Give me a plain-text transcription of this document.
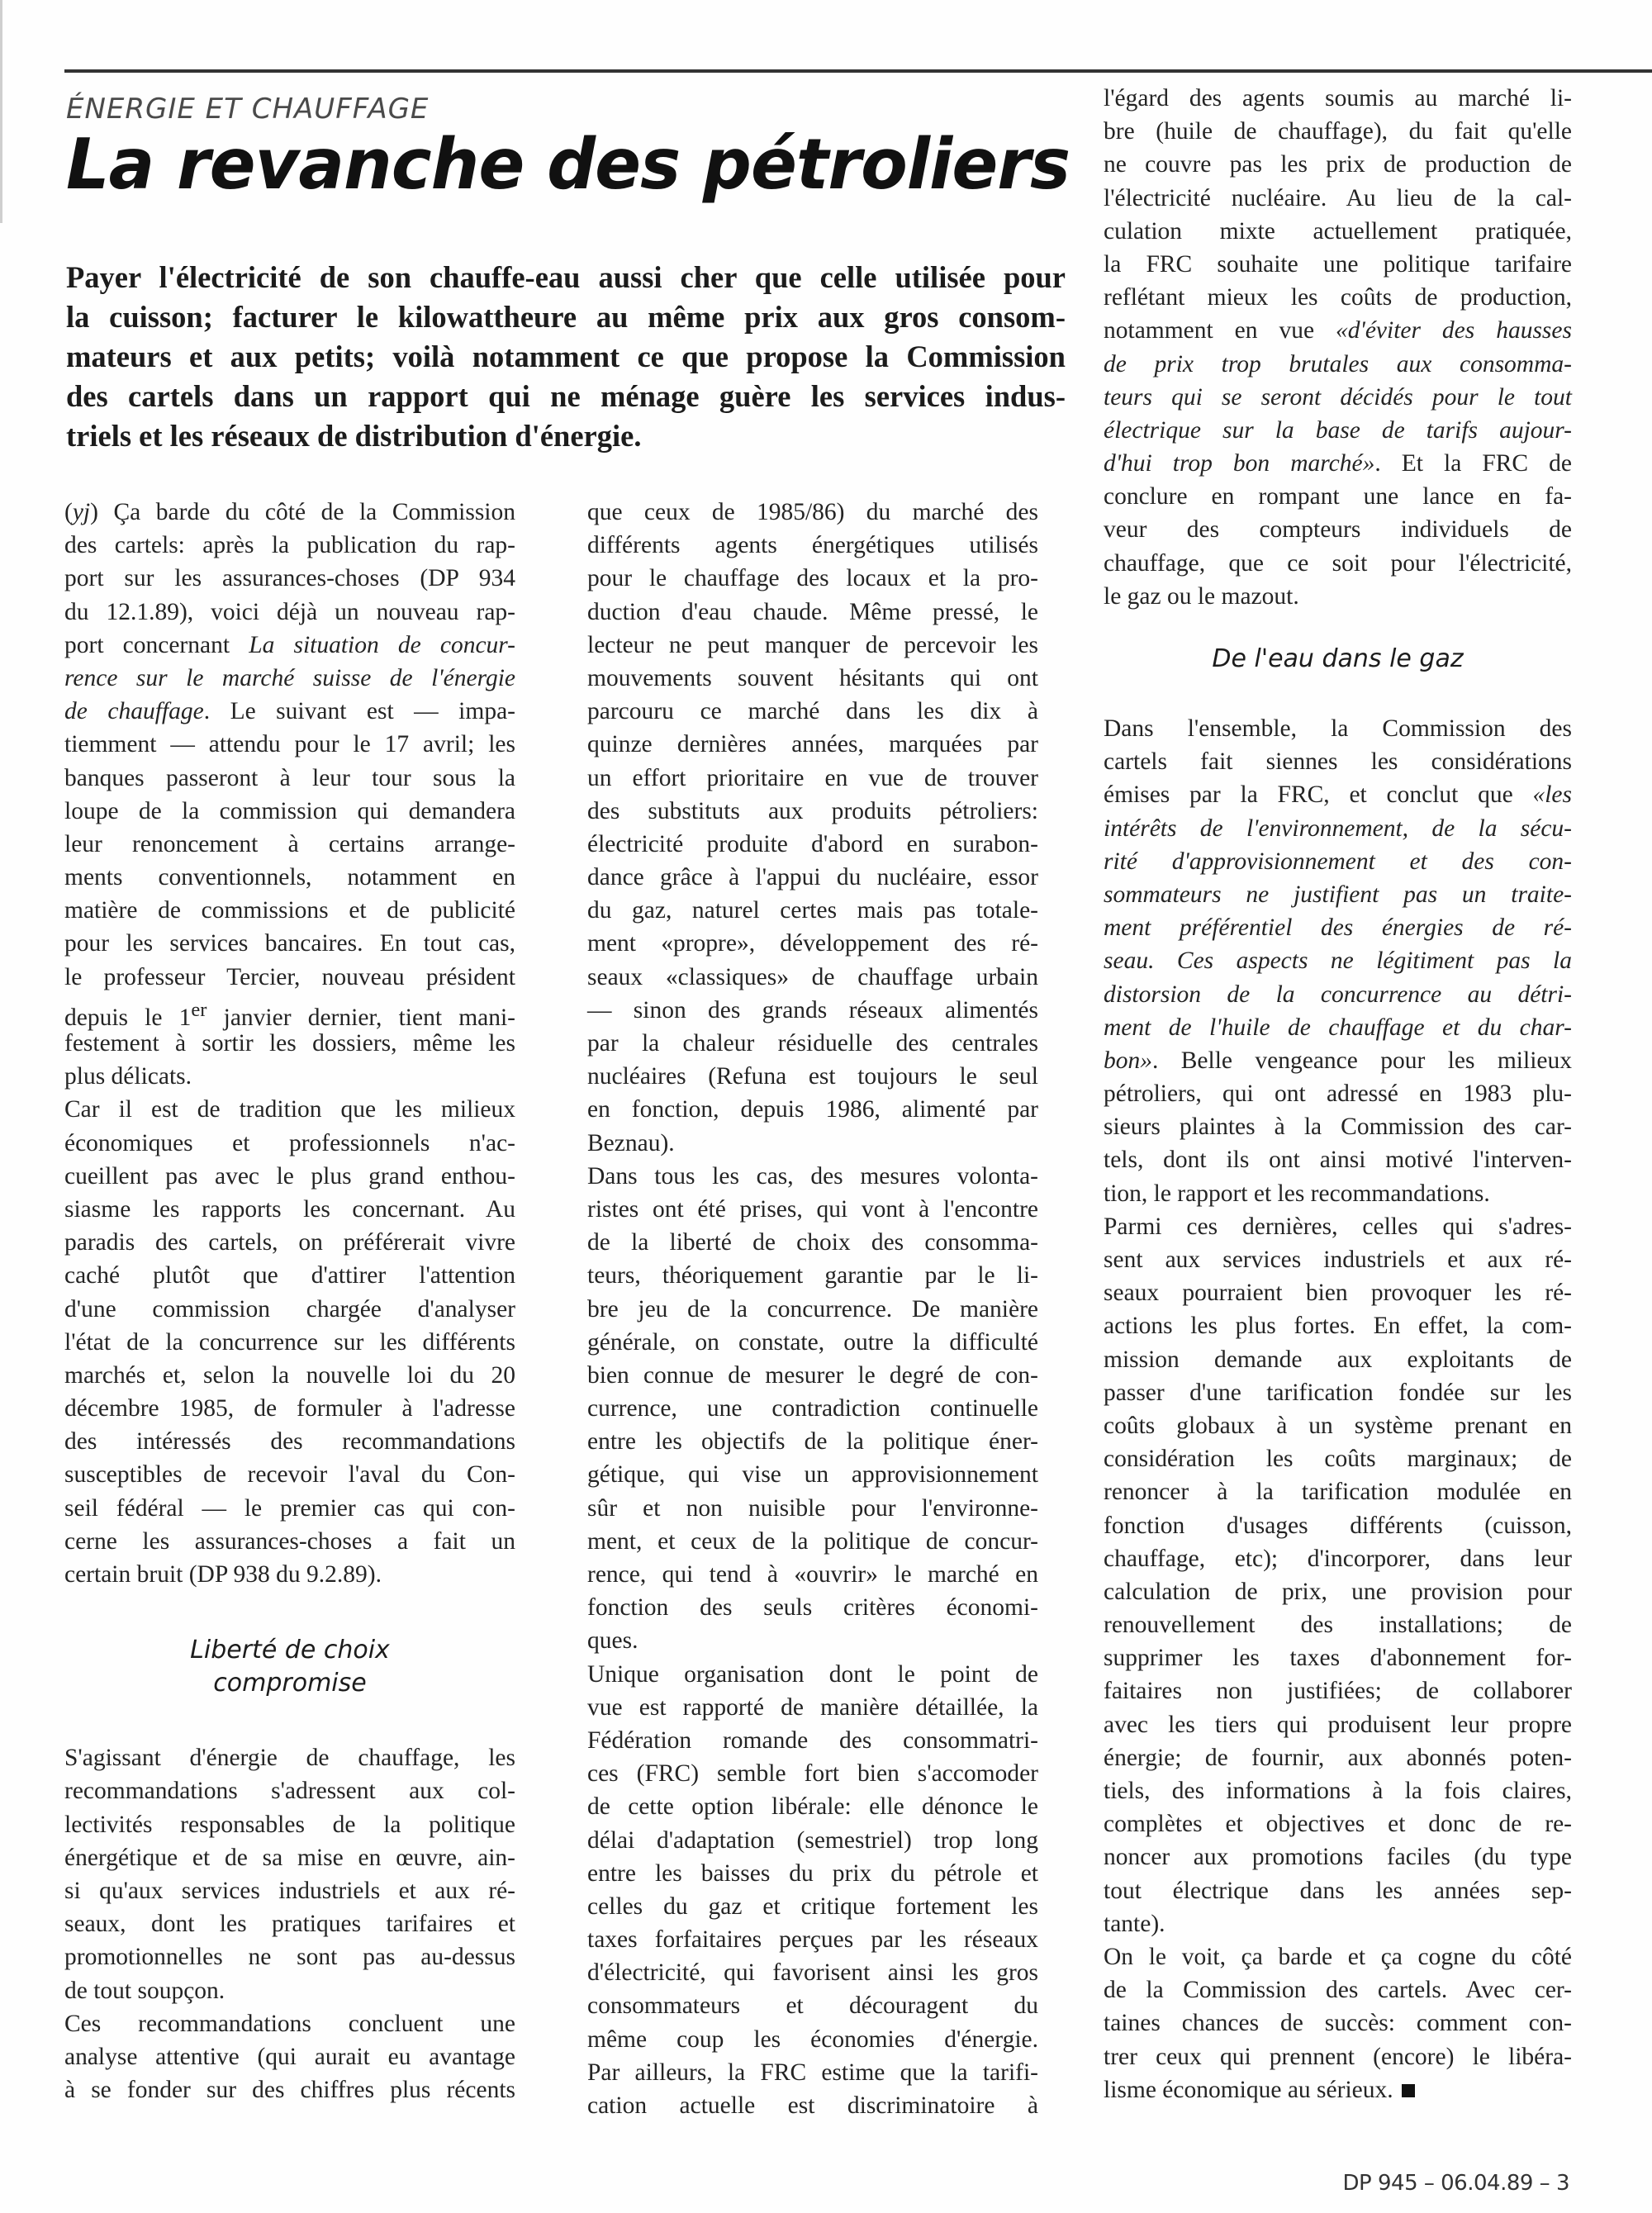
ÉNERGIE ET CHAUFFAGE
La revanche des pétroliers
Payer l'électricité de son chauffe-eau aussi cher que celle utilisée pour
la cuisson; facturer le kilowattheure au même prix aux gros consom-
mateurs et aux petits; voilà notamment ce que propose la Commission
des cartels dans un rapport qui ne ménage guère les services indus-
triels et les réseaux de distribution d'énergie.
(yj) Ça barde du côté de la Commission
des cartels: après la publication du rap-
port sur les assurances-choses (DP 934
du 12.1.89), voici déjà un nouveau rap-
port concernant La situation de concur-
rence sur le marché suisse de l'énergie
de chauffage. Le suivant est — impa-
tiemment — attendu pour le 17 avril; les
banques passeront à leur tour sous la
loupe de la commission qui demandera
leur renoncement à certains arrange-
ments conventionnels, notamment en
matière de commissions et de publicité
pour les services bancaires. En tout cas,
le professeur Tercier, nouveau président
depuis le 1er janvier dernier, tient mani-
festement à sortir les dossiers, même les
plus délicats.
Car il est de tradition que les milieux
économiques et professionnels n'ac-
cueillent pas avec le plus grand enthou-
siasme les rapports les concernant. Au
paradis des cartels, on préférerait vivre
caché plutôt que d'attirer l'attention
d'une commission chargée d'analyser
l'état de la concurrence sur les différents
marchés et, selon la nouvelle loi du 20
décembre 1985, de formuler à l'adresse
des intéressés des recommandations
susceptibles de recevoir l'aval du Con-
seil fédéral — le premier cas qui con-
cerne les assurances-choses a fait un
certain bruit (DP 938 du 9.2.89).
Liberté de choix
compromise
S'agissant d'énergie de chauffage, les
recommandations s'adressent aux col-
lectivités responsables de la politique
énergétique et de sa mise en œuvre, ain-
si qu'aux services industriels et aux ré-
seaux, dont les pratiques tarifaires et
promotionnelles ne sont pas au-dessus
de tout soupçon.
Ces recommandations concluent une
analyse attentive (qui aurait eu avantage
à se fonder sur des chiffres plus récents
que ceux de 1985/86) du marché des
différents agents énergétiques utilisés
pour le chauffage des locaux et la pro-
duction d'eau chaude. Même pressé, le
lecteur ne peut manquer de percevoir les
mouvements souvent hésitants qui ont
parcouru ce marché dans les dix à
quinze dernières années, marquées par
un effort prioritaire en vue de trouver
des substituts aux produits pétroliers:
électricité produite d'abord en surabon-
dance grâce à l'appui du nucléaire, essor
du gaz, naturel certes mais pas totale-
ment «propre», développement des ré-
seaux «classiques» de chauffage urbain
— sinon des grands réseaux alimentés
par la chaleur résiduelle des centrales
nucléaires (Refuna est toujours le seul
en fonction, depuis 1986, alimenté par
Beznau).
Dans tous les cas, des mesures volonta-
ristes ont été prises, qui vont à l'encontre
de la liberté de choix des consomma-
teurs, théoriquement garantie par le li-
bre jeu de la concurrence. De manière
générale, on constate, outre la difficulté
bien connue de mesurer le degré de con-
currence, une contradiction continuelle
entre les objectifs de la politique éner-
gétique, qui vise un approvisionnement
sûr et non nuisible pour l'environne-
ment, et ceux de la politique de concur-
rence, qui tend à «ouvrir» le marché en
fonction des seuls critères économi-
ques.
Unique organisation dont le point de
vue est rapporté de manière détaillée, la
Fédération romande des consommatri-
ces (FRC) semble fort bien s'accomoder
de cette option libérale: elle dénonce le
délai d'adaptation (semestriel) trop long
entre les baisses du prix du pétrole et
celles du gaz et critique fortement les
taxes forfaitaires perçues par les réseaux
d'électricité, qui favorisent ainsi les gros
consommateurs et découragent du
même coup les économies d'énergie.
Par ailleurs, la FRC estime que la tarifi-
cation actuelle est discriminatoire à
l'égard des agents soumis au marché li-
bre (huile de chauffage), du fait qu'elle
ne couvre pas les prix de production de
l'électricité nucléaire. Au lieu de la cal-
culation mixte actuellement pratiquée,
la FRC souhaite une politique tarifaire
reflétant mieux les coûts de production,
notamment en vue «d'éviter des hausses
de prix trop brutales aux consomma-
teurs qui se seront décidés pour le tout
électrique sur la base de tarifs aujour-
d'hui trop bon marché». Et la FRC de
conclure en rompant une lance en fa-
veur des compteurs individuels de
chauffage, que ce soit pour l'électricité,
le gaz ou le mazout.
De l'eau dans le gaz
Dans l'ensemble, la Commission des
cartels fait siennes les considérations
émises par la FRC, et conclut que «les
intérêts de l'environnement, de la sécu-
rité d'approvisionnement et des con-
sommateurs ne justifient pas un traite-
ment préférentiel des énergies de ré-
seau. Ces aspects ne légitiment pas la
distorsion de la concurrence au détri-
ment de l'huile de chauffage et du char-
bon». Belle vengeance pour les milieux
pétroliers, qui ont adressé en 1983 plu-
sieurs plaintes à la Commission des car-
tels, dont ils ont ainsi motivé l'interven-
tion, le rapport et les recommandations.
Parmi ces dernières, celles qui s'adres-
sent aux services industriels et aux ré-
seaux pourraient bien provoquer les ré-
actions les plus fortes. En effet, la com-
mission demande aux exploitants de
passer d'une tarification fondée sur les
coûts globaux à un système prenant en
considération les coûts marginaux; de
renoncer à la tarification modulée en
fonction d'usages différents (cuisson,
chauffage, etc); d'incorporer, dans leur
calculation de prix, une provision pour
renouvellement des installations; de
supprimer les taxes d'abonnement for-
faitaires non justifiées; de collaborer
avec les tiers qui produisent leur propre
énergie; de fournir, aux abonnés poten-
tiels, des informations à la fois claires,
complètes et objectives et donc de re-
noncer aux promotions faciles (du type
tout électrique dans les années sep-
tante).
On le voit, ça barde et ça cogne du côté
de la Commission des cartels. Avec cer-
taines chances de succès: comment con-
trer ceux qui prennent (encore) le libéra-
lisme économique au sérieux.
DP 945 – 06.04.89 – 3
